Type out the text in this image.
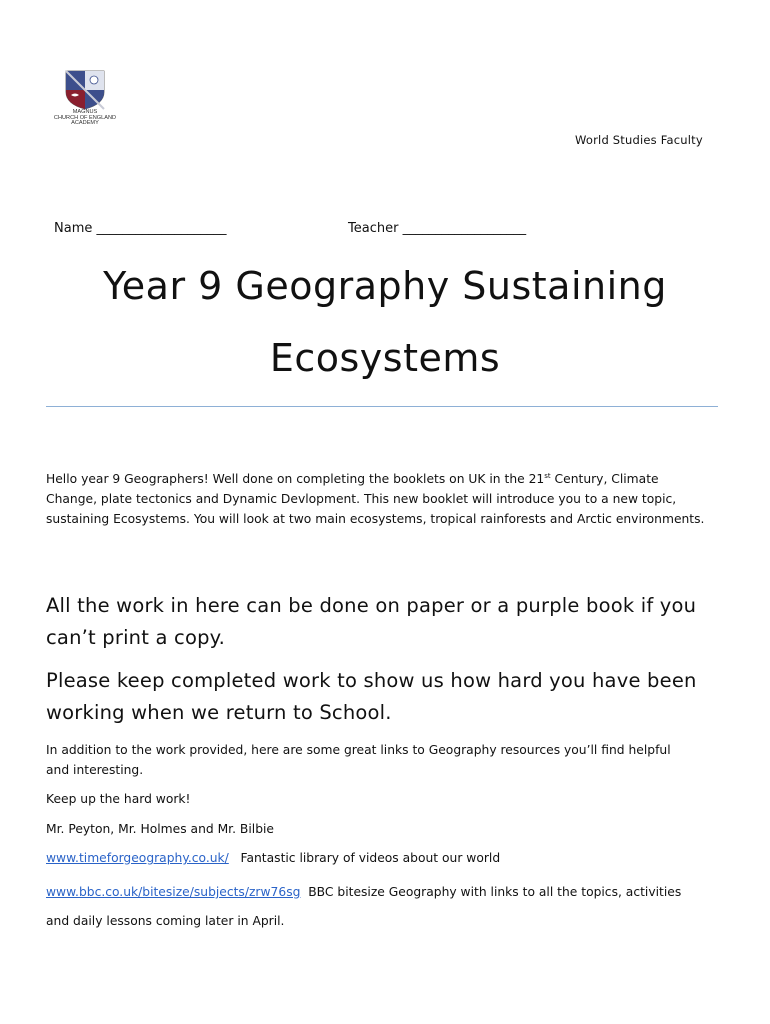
MAGNUS
CHURCH OF ENGLAND
ACADEMY
World Studies Faculty
Name ____________________	Teacher ___________________
Year 9 Geography Sustaining
Ecosystems

Hello year 9 Geographers! Well done on completing the booklets on UK in the 21st Century, Climate Change, plate tectonics and Dynamic Devlopment. This new booklet will introduce you to a new topic, sustaining Ecosystems. You will look at two main ecosystems, tropical rainforests and Arctic environments.

All the work in here can be done on paper or a purple book if you can’t print a copy.

Please keep completed work to show us how hard you have been working when we return to School.

In addition to the work provided, here are some great links to Geography resources you’ll find helpful and interesting.

Keep up the hard work!

Mr. Peyton, Mr. Holmes and Mr. Bilbie

www.timeforgeography.co.uk/ Fantastic library of videos about our world

www.bbc.co.uk/bitesize/subjects/zrw76sg BBC bitesize Geography with links to all the topics, activities and daily lessons coming later in April.
